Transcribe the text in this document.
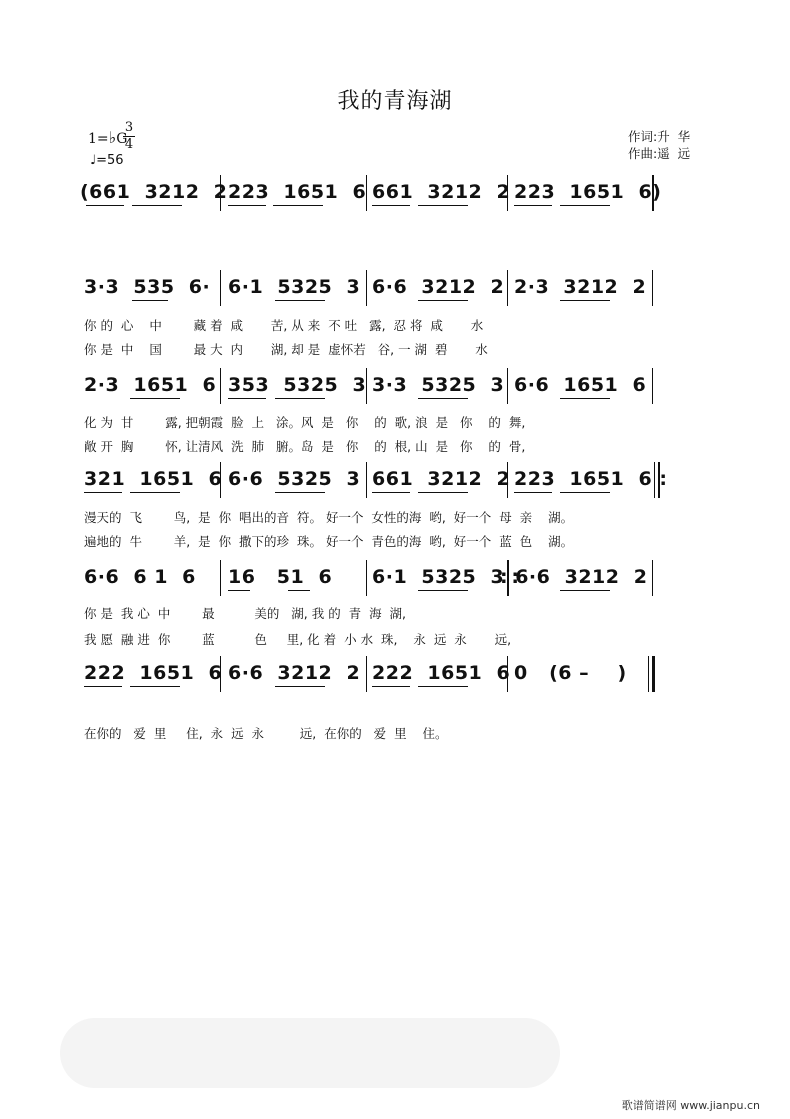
我的青海湖
1=♭G
3
4
♩=56
作词:升  华
作曲:遥  远
(661  3212  2 223  1651  6 661  3212  2 223  1651  6)
3·3  535  6· 6·1  5325  3 6·6  3212  2 2·3  3212  2
你 的  心    中        藏 着  咸       苦, 从 来  不 吐   露,  忍 将  咸       水
你 是  中    国        最 大  内       湖, 却 是  虚怀若   谷, 一 湖  碧       水
2·3  1651  6 353  5325  3 3·3  5325  3 6·6  1651  6
化 为  甘        露, 把朝霞  脸  上   涂。风  是   你    的  歌, 浪  是   你    的  舞,
敞 开  胸        怀, 让清风  洗  肺   腑。岛  是   你    的  根, 山  是   你    的  骨,
321  1651  6 6·6  5325  3 661  3212  2 223  1651  6 :
漫天的  飞        鸟,  是  你  唱出的音  符。 好一个  女性的海  哟,  好一个  母  亲    湖。
遍地的  牛        羊,  是  你  撒下的珍  珠。 好一个  青色的海  哟,  好一个  蓝  色    湖。
6·6  6 1  6 16   51  6 6·1  5325  3 :
: 6·6  3212  2
你 是  我 心  中        最          美的   湖, 我 的  青  海  湖,
我 愿  融 进  你        蓝          色     里, 化 着  小 水  珠,    永  远  永       远,
222  1651  6 6·6  3212  2 222  1651  6 0   (6 –    )
在你的   爱  里     住,  永  远  永         远,  在你的   爱  里    住。
歌谱简谱网 www.jianpu.cn
